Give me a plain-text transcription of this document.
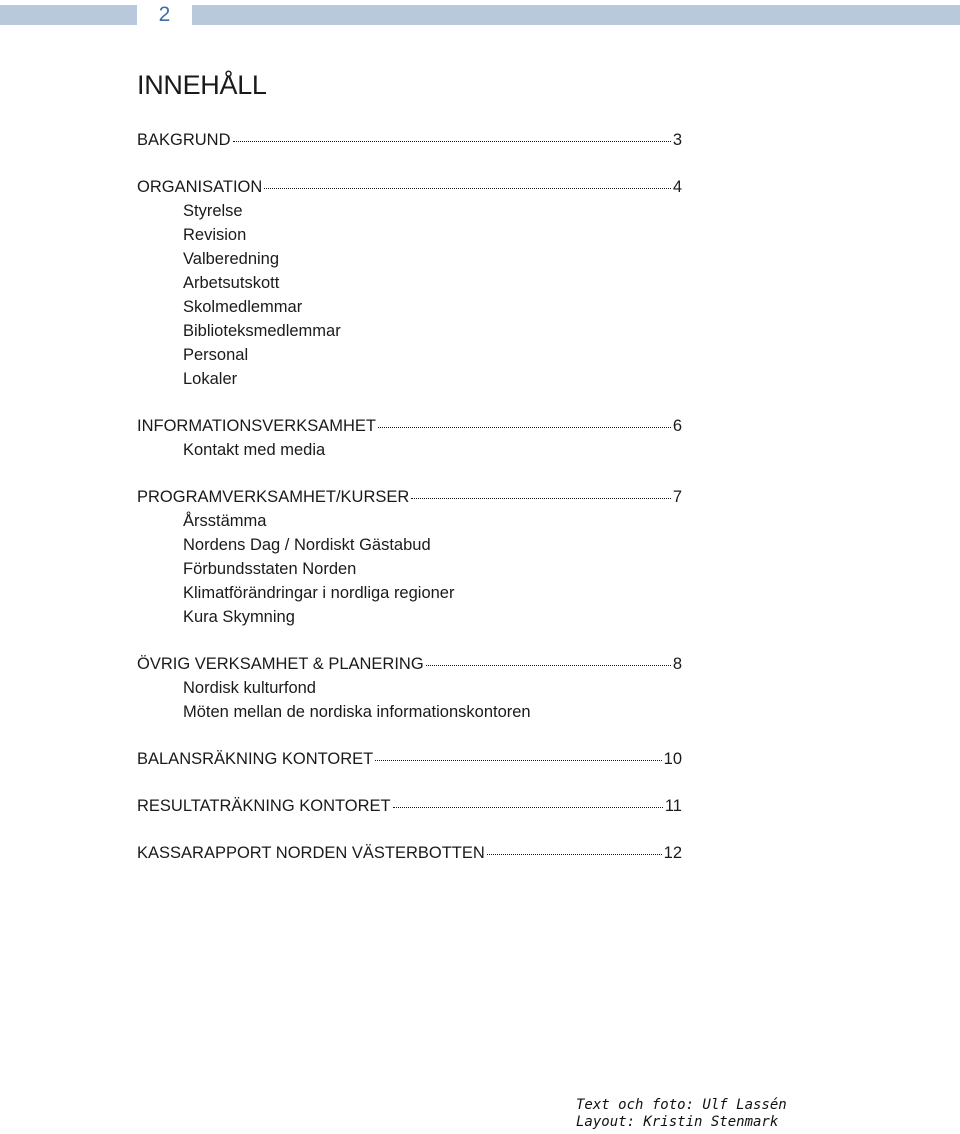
2
INNEHÅLL
BAKGRUND	3
ORGANISATION	4
Styrelse
Revision
Valberedning
Arbetsutskott
Skolmedlemmar
Biblioteksmedlemmar
Personal
Lokaler
INFORMATIONSVERKSAMHET	6
Kontakt med media
PROGRAMVERKSAMHET/KURSER	7
Årsstämma
Nordens Dag / Nordiskt Gästabud
Förbundsstaten Norden
Klimatförändringar i nordliga regioner
Kura Skymning
ÖVRIG VERKSAMHET & PLANERING	8
Nordisk kulturfond
Möten mellan de nordiska informationskontoren
BALANSRÄKNING KONTORET	10
RESULTATRÄKNING KONTORET	11
KASSARAPPORT NORDEN VÄSTERBOTTEN	12
Text och foto: Ulf Lassén
Layout: Kristin Stenmark
